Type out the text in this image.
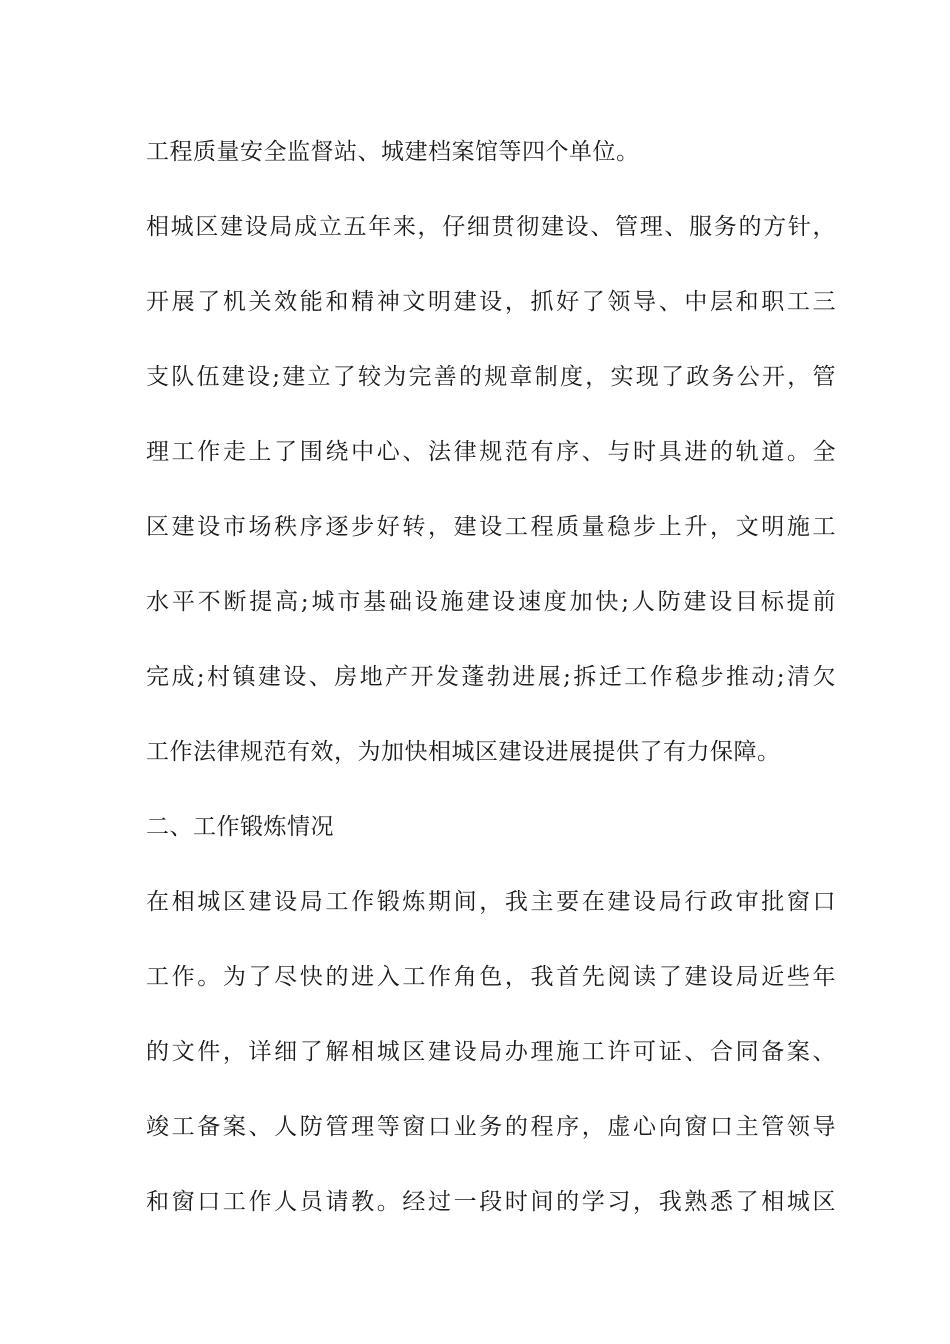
工程质量安全监督站、城建档案馆等四个单位。
相城区建设局成立五年来，仔细贯彻建设、管理、服务的方针，
开展了机关效能和精神文明建设，抓好了领导、中层和职工三
支队伍建设;建立了较为完善的规章制度，实现了政务公开，管
理工作走上了围绕中心、法律规范有序、与时具进的轨道。全
区建设市场秩序逐步好转，建设工程质量稳步上升，文明施工
水平不断提高;城市基础设施建设速度加快;人防建设目标提前
完成;村镇建设、房地产开发蓬勃进展;拆迁工作稳步推动;清欠
工作法律规范有效，为加快相城区建设进展提供了有力保障。
二、工作锻炼情况
在相城区建设局工作锻炼期间，我主要在建设局行政审批窗口
工作。为了尽快的进入工作角色，我首先阅读了建设局近些年
的文件，详细了解相城区建设局办理施工许可证、合同备案、
竣工备案、人防管理等窗口业务的程序，虚心向窗口主管领导
和窗口工作人员请教。经过一段时间的学习，我熟悉了相城区
